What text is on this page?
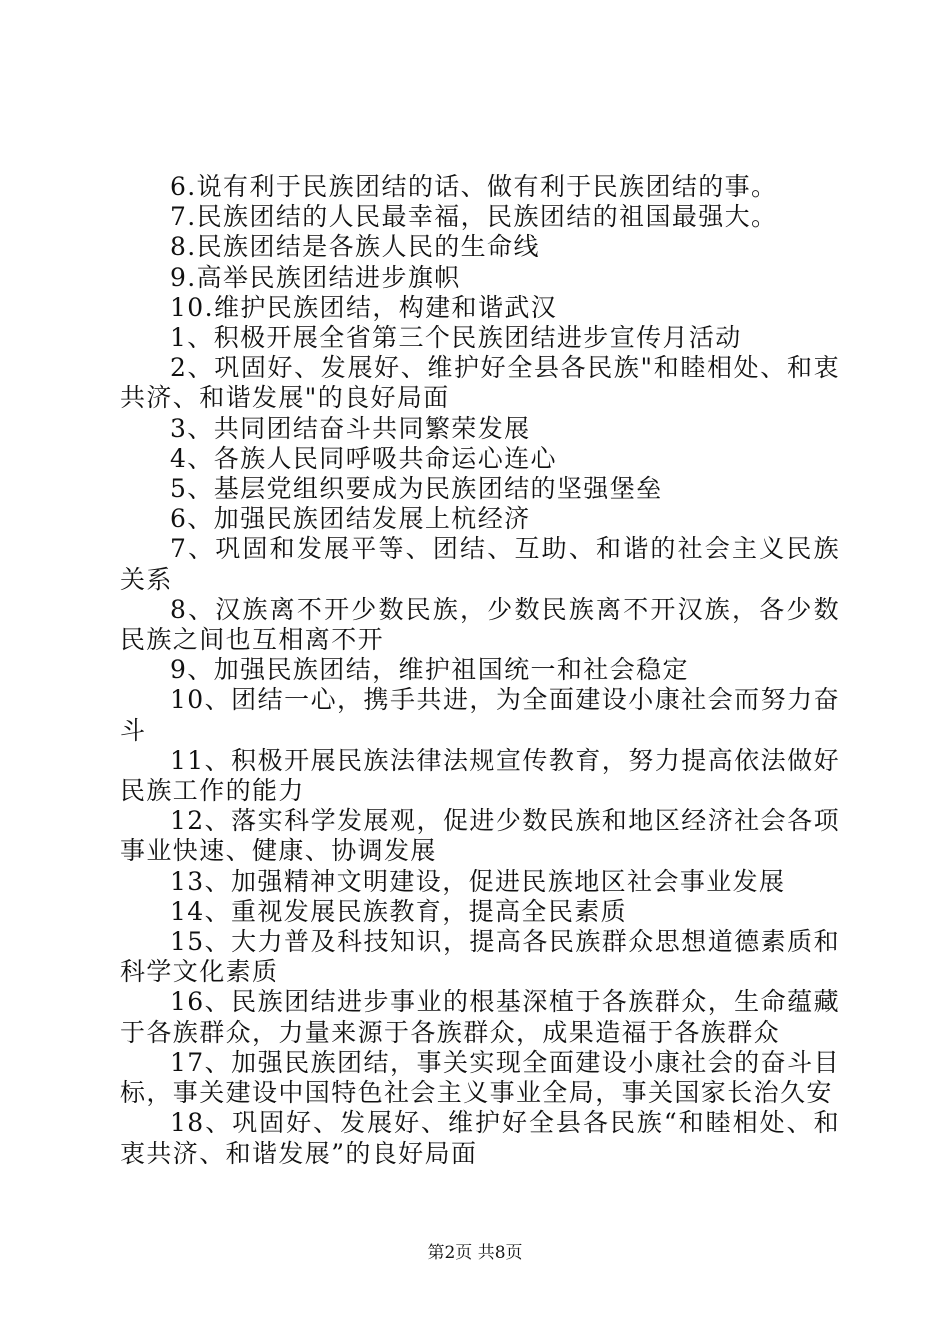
6.说有利于民族团结的话、做有利于民族团结的事。

7.民族团结的人民最幸福，民族团结的祖国最强大。

8.民族团结是各族人民的生命线

9.高举民族团结进步旗帜

10.维护民族团结，构建和谐武汉

1、积极开展全省第三个民族团结进步宣传月活动

2、巩固好、发展好、维护好全县各民族"和睦相处、和衷共济、和谐发展"的良好局面

3、共同团结奋斗共同繁荣发展

4、各族人民同呼吸共命运心连心

5、基层党组织要成为民族团结的坚强堡垒

6、加强民族团结发展上杭经济

7、巩固和发展平等、团结、互助、和谐的社会主义民族关系

8、汉族离不开少数民族，少数民族离不开汉族，各少数民族之间也互相离不开

9、加强民族团结，维护祖国统一和社会稳定

10、团结一心，携手共进，为全面建设小康社会而努力奋斗

11、积极开展民族法律法规宣传教育，努力提高依法做好民族工作的能力

12、落实科学发展观，促进少数民族和地区经济社会各项事业快速、健康、协调发展

13、加强精神文明建设，促进民族地区社会事业发展

14、重视发展民族教育，提高全民素质

15、大力普及科技知识，提高各民族群众思想道德素质和科学文化素质

16、民族团结进步事业的根基深植于各族群众，生命蕴藏于各族群众，力量来源于各族群众，成果造福于各族群众

17、加强民族团结，事关实现全面建设小康社会的奋斗目标，事关建设中国特色社会主义事业全局，事关国家长治久安

18、巩固好、发展好、维护好全县各民族“和睦相处、和衷共济、和谐发展”的良好局面

第2页 共8页
